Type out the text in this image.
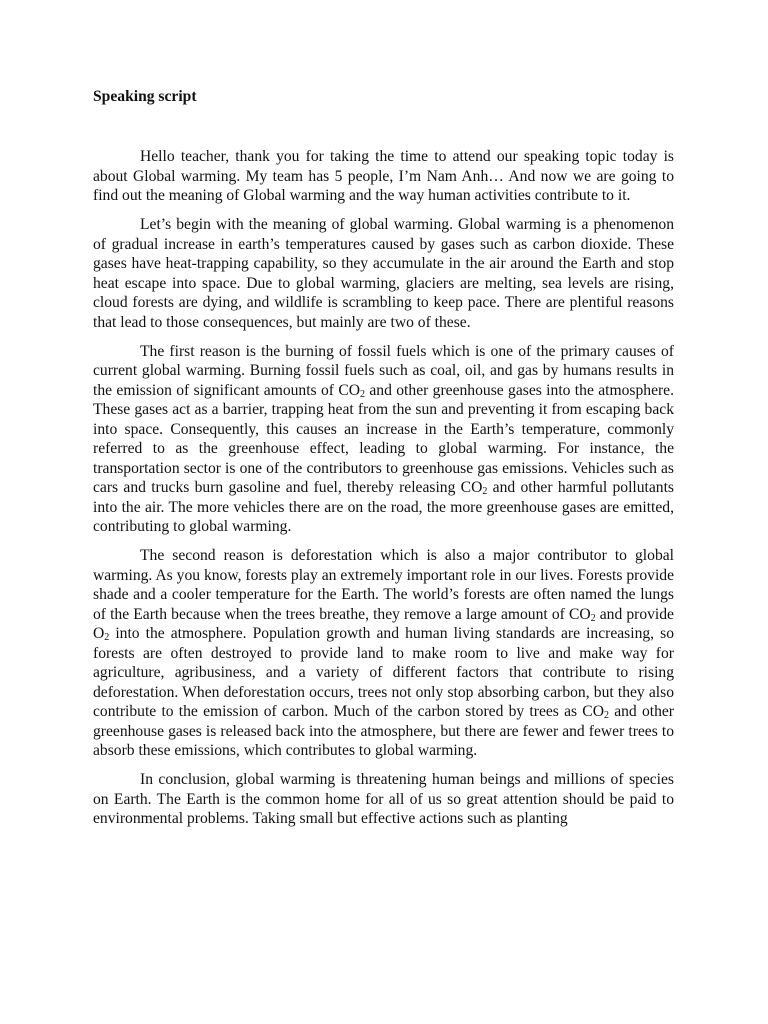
Speaking script

Hello teacher, thank you for taking the time to attend our speaking topic today is about Global warming. My team has 5 people, I’m Nam Anh… And now we are going to find out the meaning of Global warming and the way human activities contribute to it.

Let’s begin with the meaning of global warming. Global warming is a phenomenon of gradual increase in earth’s temperatures caused by gases such as carbon dioxide. These gases have heat-trapping capability, so they accumulate in the air around the Earth and stop heat escape into space. Due to global warming, glaciers are melting, sea levels are rising, cloud forests are dying, and wildlife is scrambling to keep pace. There are plentiful reasons that lead to those consequences, but mainly are two of these.

The first reason is the burning of fossil fuels which is one of the primary causes of current global warming. Burning fossil fuels such as coal, oil, and gas by humans results in the emission of significant amounts of $CO_2$ and other greenhouse gases into the atmosphere. These gases act as a barrier, trapping heat from the sun and preventing it from escaping back into space. Consequently, this causes an increase in the Earth’s temperature, commonly referred to as the greenhouse effect, leading to global warming. For instance, the transportation sector is one of the contributors to greenhouse gas emissions. Vehicles such as cars and trucks burn gasoline and fuel, thereby releasing $CO_2$ and other harmful pollutants into the air. The more vehicles there are on the road, the more greenhouse gases are emitted, contributing to global warming.

The second reason is deforestation which is also a major contributor to global warming. As you know, forests play an extremely important role in our lives. Forests provide shade and a cooler temperature for the Earth. The world’s forests are often named the lungs of the Earth because when the trees breathe, they remove a large amount of $CO_2$ and provide $O_2$ into the atmosphere. Population growth and human living standards are increasing, so forests are often destroyed to provide land to make room to live and make way for agriculture, agribusiness, and a variety of different factors that contribute to rising deforestation. When deforestation occurs, trees not only stop absorbing carbon, but they also contribute to the emission of carbon. Much of the carbon stored by trees as $CO_2$ and other greenhouse gases is released back into the atmosphere, but there are fewer and fewer trees to absorb these emissions, which contributes to global warming.

In conclusion, global warming is threatening human beings and millions of species on Earth. The Earth is the common home for all of us so great attention should be paid to environmental problems. Taking small but effective actions such as planting
